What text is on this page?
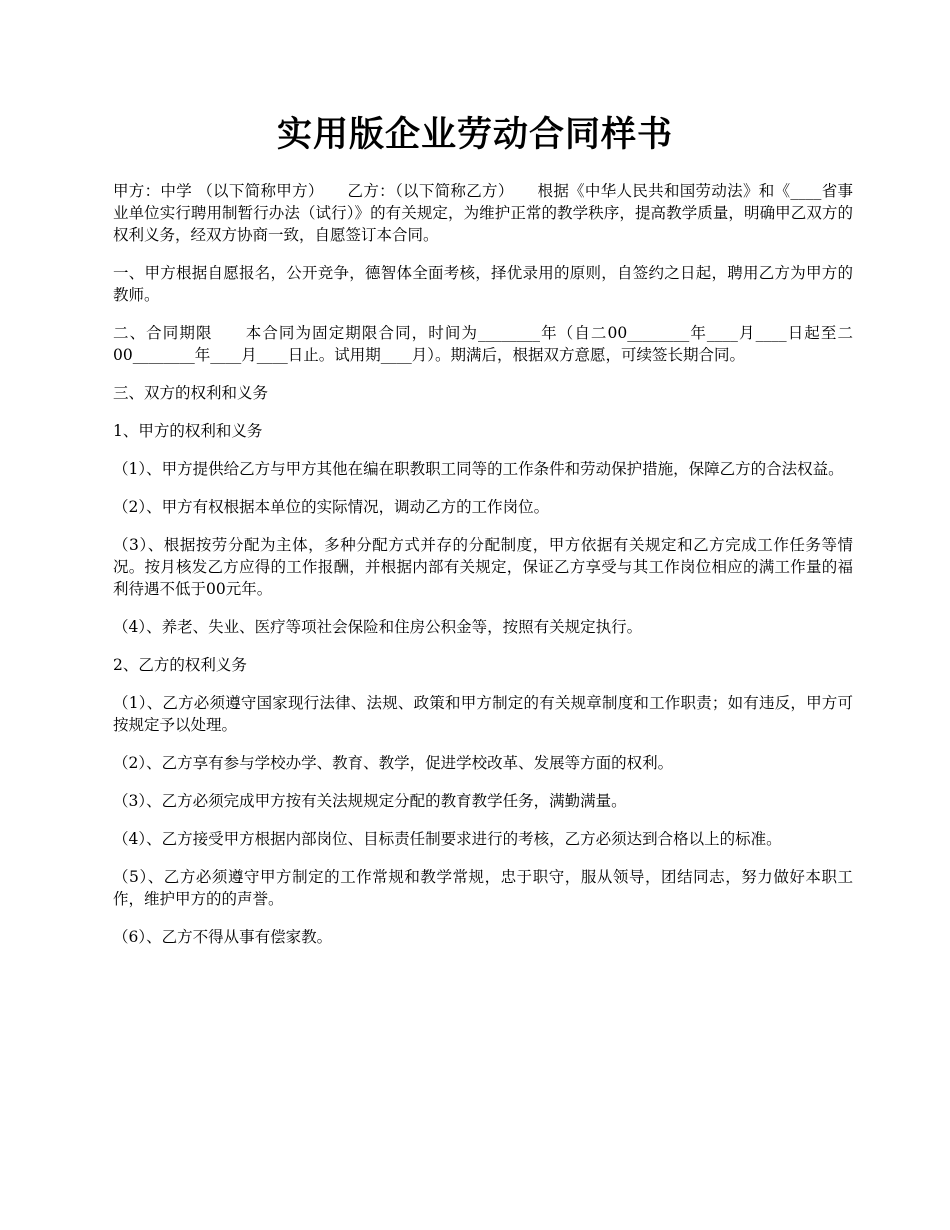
实用版企业劳动合同样书

甲方：中学 （以下简称甲方）　　乙方：（以下简称乙方）　　根据《中华人民共和国劳动法》和《____省事业单位实行聘用制暂行办法（试行）》的有关规定，为维护正常的教学秩序，提高教学质量，明确甲乙双方的权利义务，经双方协商一致，自愿签订本合同。

一、甲方根据自愿报名，公开竞争，德智体全面考核，择优录用的原则，自签约之日起，聘用乙方为甲方的教师。

二、合同期限　　本合同为固定期限合同，时间为________年（自二00________年____月____日起至二00________年____月____日止。试用期____月）。期满后，根据双方意愿，可续签长期合同。

三、双方的权利和义务

1、甲方的权利和义务

（1）、甲方提供给乙方与甲方其他在编在职教职工同等的工作条件和劳动保护措施，保障乙方的合法权益。

（2）、甲方有权根据本单位的实际情况，调动乙方的工作岗位。

（3）、根据按劳分配为主体，多种分配方式并存的分配制度，甲方依据有关规定和乙方完成工作任务等情况。按月核发乙方应得的工作报酬，并根据内部有关规定，保证乙方享受与其工作岗位相应的满工作量的福利待遇不低于00元年。

（4）、养老、失业、医疗等项社会保险和住房公积金等，按照有关规定执行。

2、乙方的权利义务

（1）、乙方必须遵守国家现行法律、法规、政策和甲方制定的有关规章制度和工作职责；如有违反，甲方可按规定予以处理。

（2）、乙方享有参与学校办学、教育、教学，促进学校改革、发展等方面的权利。

（3）、乙方必须完成甲方按有关法规规定分配的教育教学任务，满勤满量。

（4）、乙方接受甲方根据内部岗位、目标责任制要求进行的考核，乙方必须达到合格以上的标准。

（5）、乙方必须遵守甲方制定的工作常规和教学常规，忠于职守，服从领导，团结同志，努力做好本职工作，维护甲方的的声誉。

（6）、乙方不得从事有偿家教。
